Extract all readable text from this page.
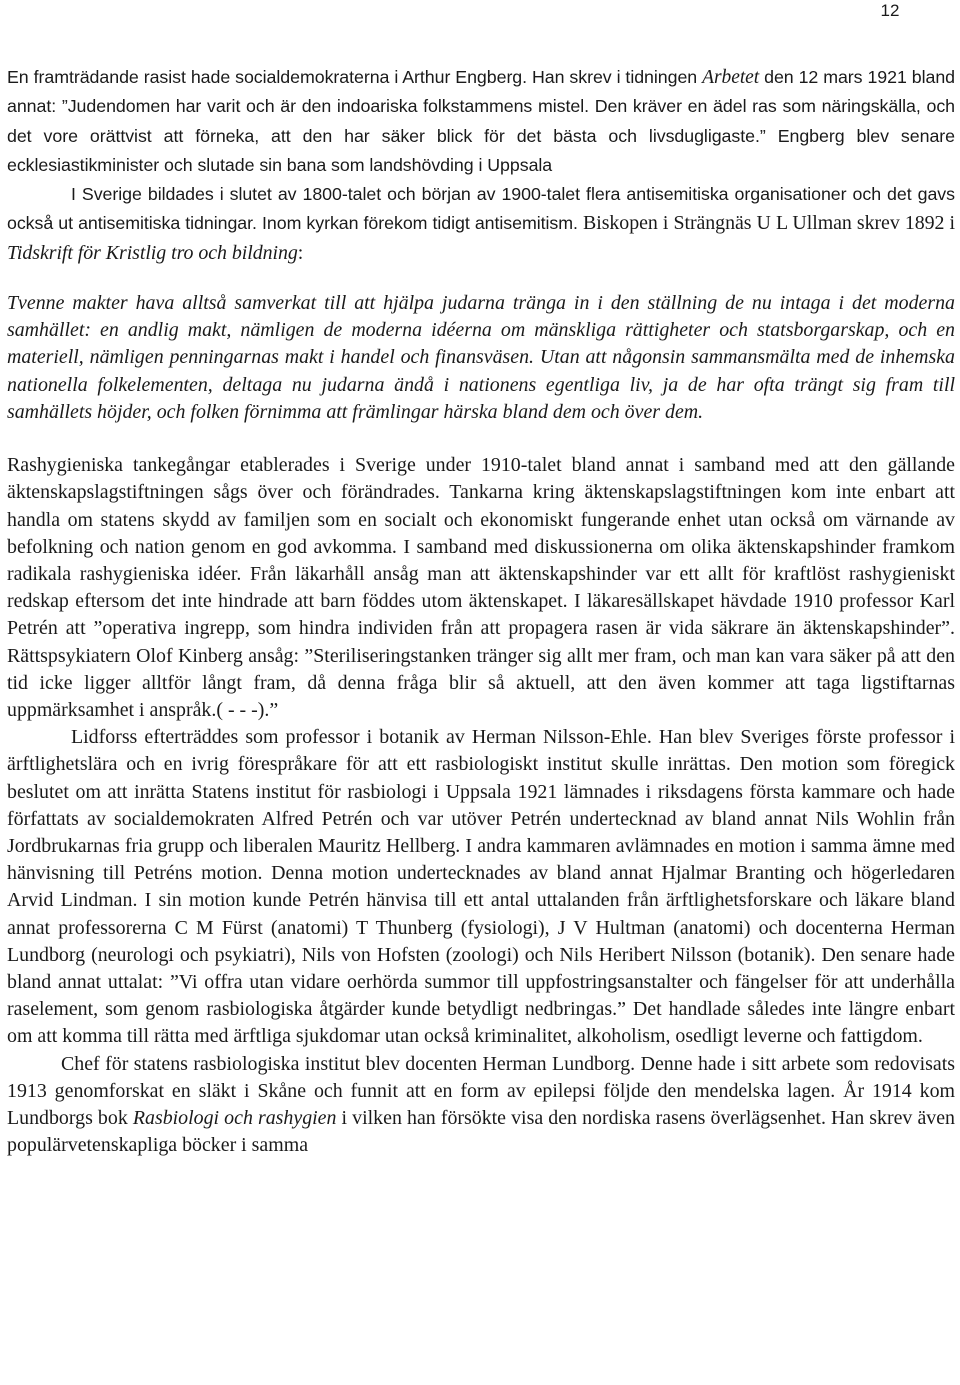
12

En framträdande rasist hade socialdemokraterna i Arthur Engberg. Han skrev i tidningen Arbetet den 12 mars 1921 bland annat: ”Judendomen har varit och är den indoariska folkstammens mistel. Den kräver en ädel ras som näringskälla, och det vore orättvist att förneka, att den har säker blick för det bästa och livsdugligaste.” Engberg blev senare ecklesiastikminister och slutade sin bana som landshövding i Uppsala

I Sverige bildades i slutet av 1800-talet och början av 1900-talet flera antisemitiska organisationer och det gavs också ut antisemitiska tidningar. Inom kyrkan förekom tidigt antisemitism. Biskopen i Strängnäs U L Ullman skrev 1892 i Tidskrift för Kristlig tro och bildning:

Tvenne makter hava alltså samverkat till att hjälpa judarna tränga in i den ställning de nu intaga i det moderna samhället: en andlig makt, nämligen de moderna idéerna om mänskliga rättigheter och statsborgarskap, och en materiell, nämligen penningarnas makt i handel och finansväsen. Utan att någonsin sammansmälta med de inhemska nationella folkelementen, deltaga nu judarna ändå i nationens egentliga liv, ja de har ofta trängt sig fram till samhällets höjder, och folken förnimma att främlingar härska bland dem och över dem.

Rashygieniska tankegångar etablerades i Sverige under 1910-talet bland annat i samband med att den gällande äktenskapslagstiftningen sågs över och förändrades. Tankarna kring äktenskapslagstiftningen kom inte enbart att handla om statens skydd av familjen som en socialt och ekonomiskt fungerande enhet utan också om värnande av befolkning och nation genom en god avkomma. I samband med diskussionerna om olika äktenskapshinder framkom radikala rashygieniska idéer. Från läkarhåll ansåg man att äktenskapshinder var ett allt för kraftlöst rashygieniskt redskap eftersom det inte hindrade att barn föddes utom äktenskapet. I läkaresällskapet hävdade 1910 professor Karl Petrén att ”operativa ingrepp, som hindra individen från att propagera rasen är vida säkrare än äktenskapshinder”. Rättspsykiatern Olof Kinberg ansåg: ”Steriliseringstanken tränger sig allt mer fram, och man kan vara säker på att den tid icke ligger alltför långt fram, då denna fråga blir så aktuell, att den även kommer att taga ligstiftarnas uppmärksamhet i anspråk.( - - -).”

Lidforss efterträddes som professor i botanik av Herman Nilsson-Ehle. Han blev Sveriges förste professor i ärftlighetslära och en ivrig förespråkare för att ett rasbiologiskt institut skulle inrättas. Den motion som föregick beslutet om att inrätta Statens institut för rasbiologi i Uppsala 1921 lämnades i riksdagens första kammare och hade författats av socialdemokraten Alfred Petrén och var utöver Petrén undertecknad av bland annat Nils Wohlin från Jordbrukarnas fria grupp och liberalen Mauritz Hellberg. I andra kammaren avlämnades en motion i samma ämne med hänvisning till Petréns motion. Denna motion undertecknades av bland annat Hjalmar Branting och högerledaren Arvid Lindman. I sin motion kunde Petrén hänvisa till ett antal uttalanden från ärftlighetsforskare och läkare bland annat professorerna C M Fürst (anatomi) T Thunberg (fysiologi), J V Hultman (anatomi) och docenterna Herman Lundborg (neurologi och psykiatri), Nils von Hofsten (zoologi) och Nils Heribert Nilsson (botanik). Den senare hade bland annat uttalat: ”Vi offra utan vidare oerhörda summor till uppfostringsanstalter och fängelser för att underhålla raselement, som genom rasbiologiska åtgärder kunde betydligt nedbringas.” Det handlade således inte längre enbart om att komma till rätta med ärftliga sjukdomar utan också kriminalitet, alkoholism, osedligt leverne och fattigdom.

Chef för statens rasbiologiska institut blev docenten Herman Lundborg. Denne hade i sitt arbete som redovisats 1913 genomforskat en släkt i Skåne och funnit att en form av epilepsi följde den mendelska lagen. År 1914 kom Lundborgs bok Rasbiologi och rashygien i vilken han försökte visa den nordiska rasens överlägsenhet. Han skrev även populärvetenskapliga böcker i samma
